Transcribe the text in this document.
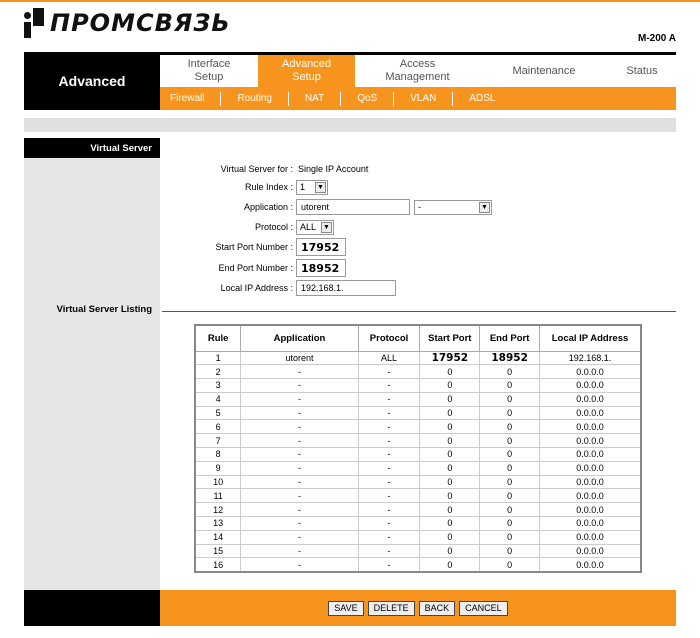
ПРОМСВЯЗЬ
M-200 A
Advanced
Interface
Setup
Advanced
Setup
Access
Management
Maintenance	Status
Firewall	Routing	NAT	QoS	VLAN	ADSL
Virtual Server
Virtual Server for : Single IP Account
Rule Index : 1 ▼
Application : utorent	-	▼
Protocol : ALL ▼
Start Port Number : 17952
End Port Number : 18952
Local IP Address : 192.168.1.
Virtual Server Listing
Rule	Application	Protocol	Start Port	End Port	Local IP Address
1	utorent	ALL	17952	18952	192.168.1.
2	-	-	0	0	0.0.0.0
3	-	-	0	0	0.0.0.0
4	-	-	0	0	0.0.0.0
5	-	-	0	0	0.0.0.0
6	-	-	0	0	0.0.0.0
7	-	-	0	0	0.0.0.0
8	-	-	0	0	0.0.0.0
9	-	-	0	0	0.0.0.0
10	-	-	0	0	0.0.0.0
11	-	-	0	0	0.0.0.0
12	-	-	0	0	0.0.0.0
13	-	-	0	0	0.0.0.0
14	-	-	0	0	0.0.0.0
15	-	-	0	0	0.0.0.0
16	-	-	0	0	0.0.0.0
SAVE	DELETE	BACK	CANCEL
